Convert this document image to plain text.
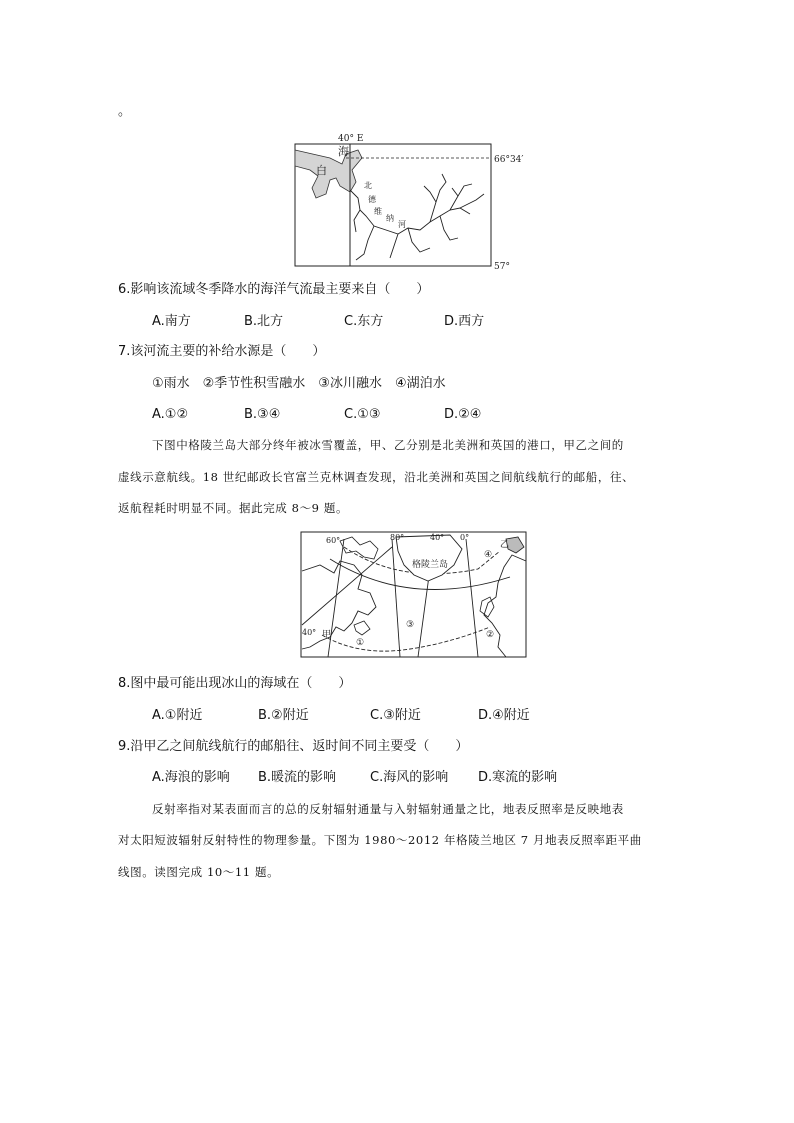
。
40° E
66°34′
57°
白
海
北
德
维
纳
河
6.影响该流域冬季降水的海洋气流最主要来自（　　）
A.南方	B.北方	C.东方	D.西方
7.该河流主要的补给水源是（　　）
①雨水　②季节性积雪融水　③冰川融水　④湖泊水
A.①②	B.③④	C.①③	D.②④
下图中格陵兰岛大部分终年被冰雪覆盖，甲、乙分别是北美洲和英国的港口，甲乙之间的
虚线示意航线。18 世纪邮政长官富兰克林调查发现，沿北美洲和英国之间航线航行的邮船，往、
返航程耗时明显不同。据此完成 8～9 题。
60°	80°	40° 0°
40°
格陵兰岛
甲
乙
①
②
③
④
8.图中最可能出现冰山的海域在（　　）
A.①附近	B.②附近	C.③附近	D.④附近
9.沿甲乙之间航线航行的邮船往、返时间不同主要受（　　）
A.海浪的影响 B.暖流的影响	C.海风的影响 D.寒流的影响
反射率指对某表面而言的总的反射辐射通量与入射辐射通量之比，地表反照率是反映地表
对太阳短波辐射反射特性的物理参量。下图为 1980～2012 年格陵兰地区 7 月地表反照率距平曲
线图。读图完成 10～11 题。
